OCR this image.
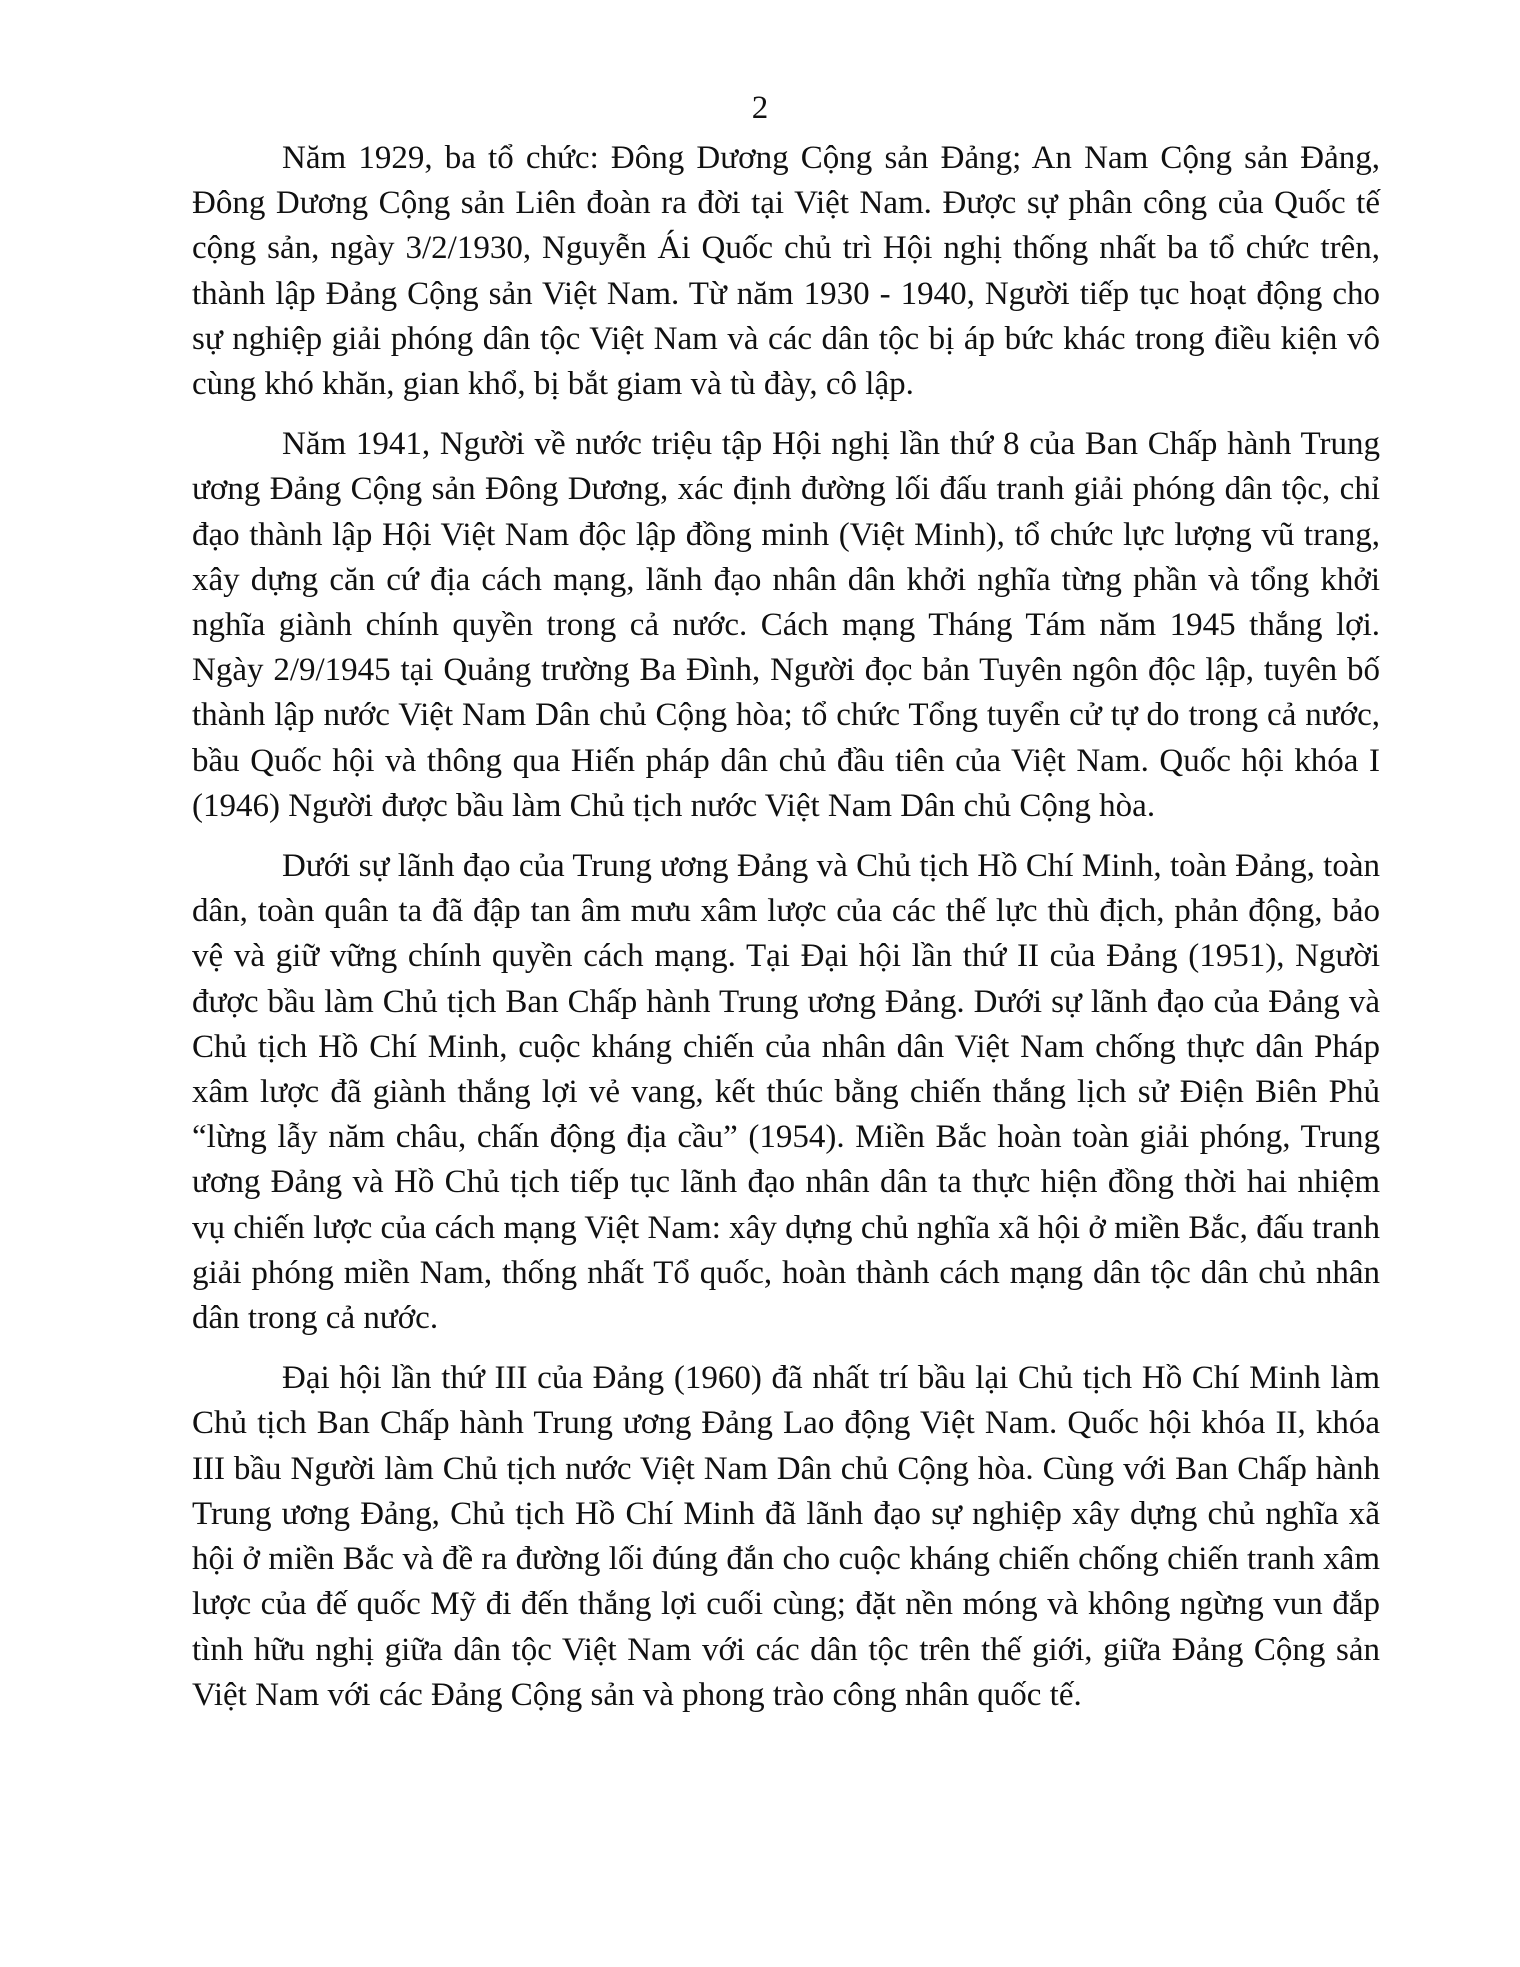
2

Năm 1929, ba tổ chức: Đông Dương Cộng sản Đảng; An Nam Cộng sản Đảng, Đông Dương Cộng sản Liên đoàn ra đời tại Việt Nam. Được sự phân công của Quốc tế cộng sản, ngày 3/2/1930, Nguyễn Ái Quốc chủ trì Hội nghị thống nhất ba tổ chức trên, thành lập Đảng Cộng sản Việt Nam. Từ năm 1930 - 1940, Người tiếp tục hoạt động cho sự nghiệp giải phóng dân tộc Việt Nam và các dân tộc bị áp bức khác trong điều kiện vô cùng khó khăn, gian khổ, bị bắt giam và tù đày, cô lập.

Năm 1941, Người về nước triệu tập Hội nghị lần thứ 8 của Ban Chấp hành Trung ương Đảng Cộng sản Đông Dương, xác định đường lối đấu tranh giải phóng dân tộc, chỉ đạo thành lập Hội Việt Nam độc lập đồng minh (Việt Minh), tổ chức lực lượng vũ trang, xây dựng căn cứ địa cách mạng, lãnh đạo nhân dân khởi nghĩa từng phần và tổng khởi nghĩa giành chính quyền trong cả nước. Cách mạng Tháng Tám năm 1945 thắng lợi. Ngày 2/9/1945 tại Quảng trường Ba Đình, Người đọc bản Tuyên ngôn độc lập, tuyên bố thành lập nước Việt Nam Dân chủ Cộng hòa; tổ chức Tổng tuyển cử tự do trong cả nước, bầu Quốc hội và thông qua Hiến pháp dân chủ đầu tiên của Việt Nam. Quốc hội khóa I (1946) Người được bầu làm Chủ tịch nước Việt Nam Dân chủ Cộng hòa.

Dưới sự lãnh đạo của Trung ương Đảng và Chủ tịch Hồ Chí Minh, toàn Đảng, toàn dân, toàn quân ta đã đập tan âm mưu xâm lược của các thế lực thù địch, phản động, bảo vệ và giữ vững chính quyền cách mạng. Tại Đại hội lần thứ II của Đảng (1951), Người được bầu làm Chủ tịch Ban Chấp hành Trung ương Đảng. Dưới sự lãnh đạo của Đảng và Chủ tịch Hồ Chí Minh, cuộc kháng chiến của nhân dân Việt Nam chống thực dân Pháp xâm lược đã giành thắng lợi vẻ vang, kết thúc bằng chiến thắng lịch sử Điện Biên Phủ “lừng lẫy năm châu, chấn động địa cầu” (1954). Miền Bắc hoàn toàn giải phóng, Trung ương Đảng và Hồ Chủ tịch tiếp tục lãnh đạo nhân dân ta thực hiện đồng thời hai nhiệm vụ chiến lược của cách mạng Việt Nam: xây dựng chủ nghĩa xã hội ở miền Bắc, đấu tranh giải phóng miền Nam, thống nhất Tổ quốc, hoàn thành cách mạng dân tộc dân chủ nhân dân trong cả nước.

Đại hội lần thứ III của Đảng (1960) đã nhất trí bầu lại Chủ tịch Hồ Chí Minh làm Chủ tịch Ban Chấp hành Trung ương Đảng Lao động Việt Nam. Quốc hội khóa II, khóa III bầu Người làm Chủ tịch nước Việt Nam Dân chủ Cộng hòa. Cùng với Ban Chấp hành Trung ương Đảng, Chủ tịch Hồ Chí Minh đã lãnh đạo sự nghiệp xây dựng chủ nghĩa xã hội ở miền Bắc và đề ra đường lối đúng đắn cho cuộc kháng chiến chống chiến tranh xâm lược của đế quốc Mỹ đi đến thắng lợi cuối cùng; đặt nền móng và không ngừng vun đắp tình hữu nghị giữa dân tộc Việt Nam với các dân tộc trên thế giới, giữa Đảng Cộng sản Việt Nam với các Đảng Cộng sản và phong trào công nhân quốc tế.
